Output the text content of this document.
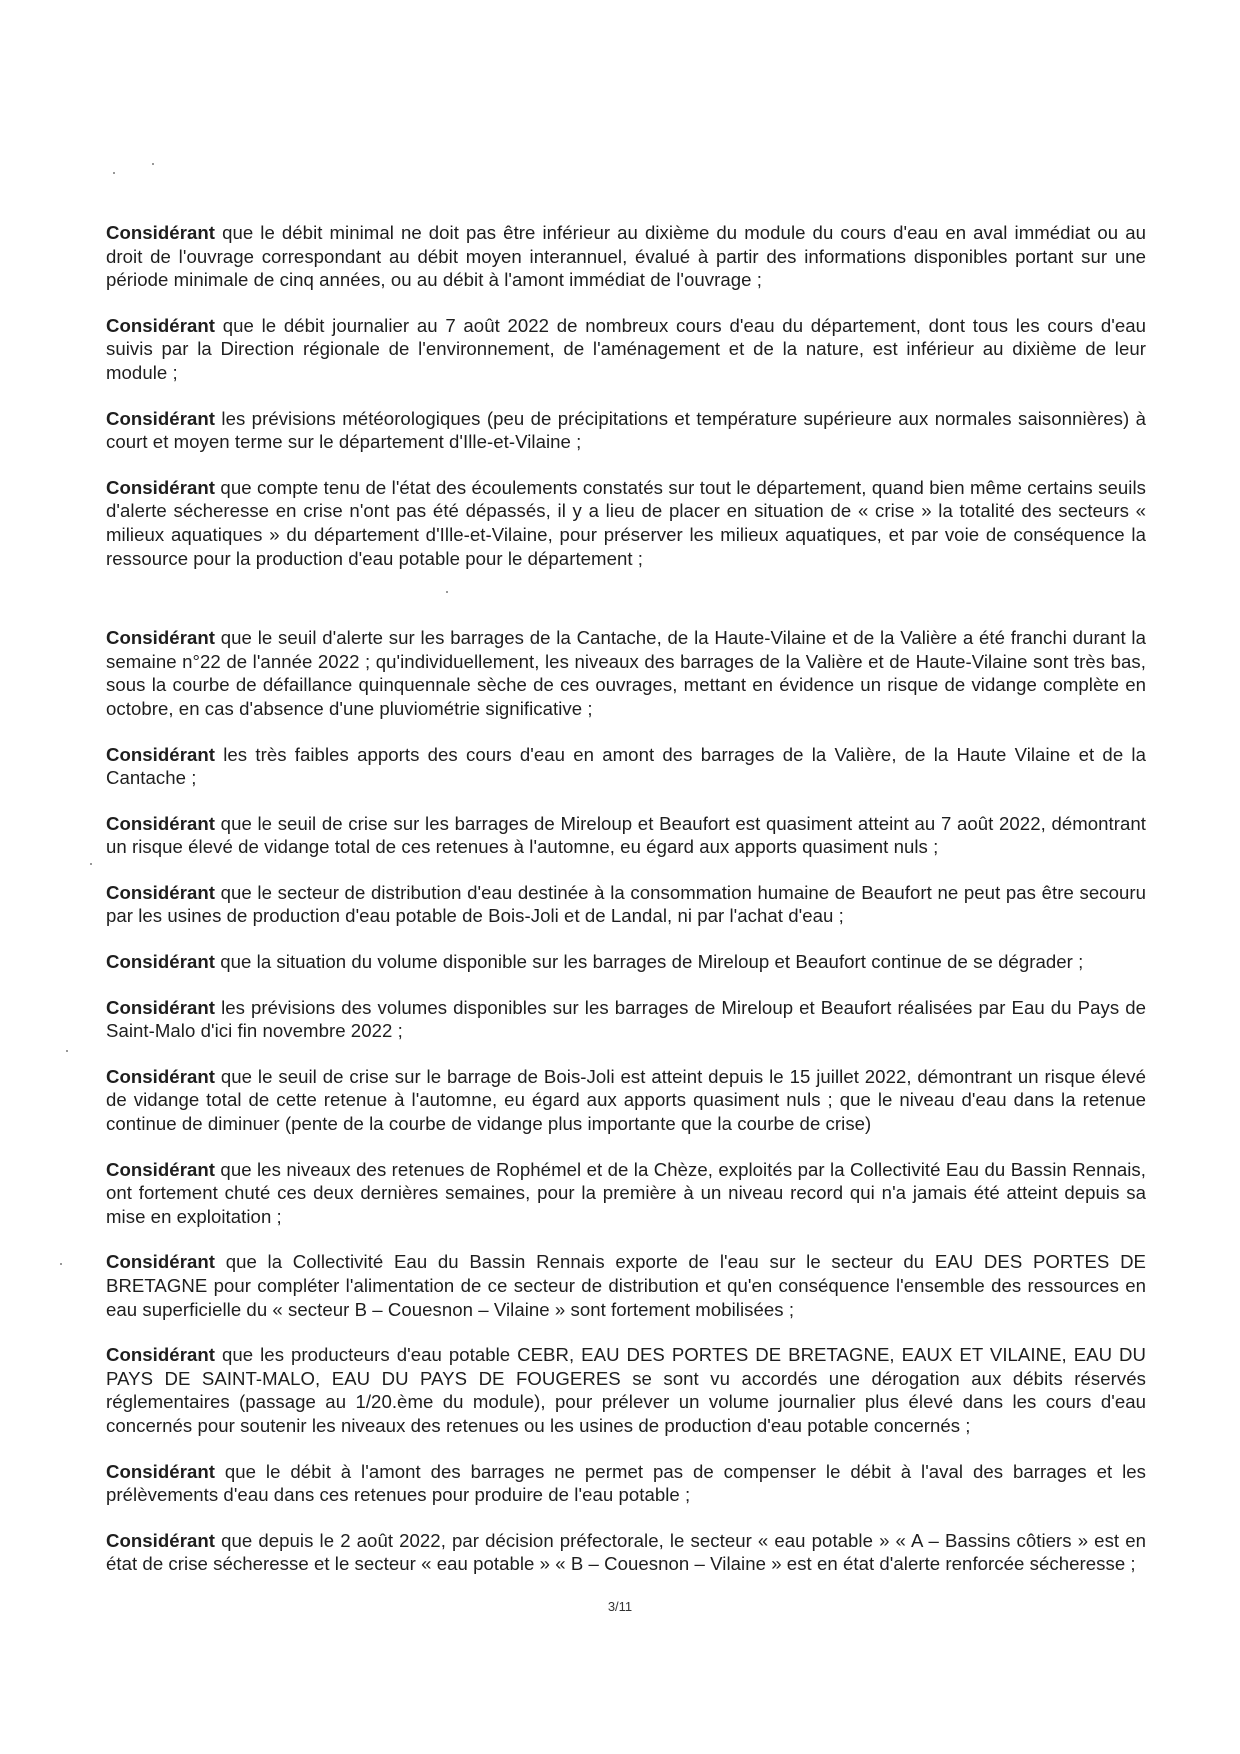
Considérant que le débit minimal ne doit pas être inférieur au dixième du module du cours d'eau en aval immédiat ou au droit de l'ouvrage correspondant au débit moyen interannuel, évalué à partir des informations disponibles portant sur une période minimale de cinq années, ou au débit à l'amont immédiat de l'ouvrage ;

Considérant que le débit journalier au 7 août 2022 de nombreux cours d'eau du département, dont tous les cours d'eau suivis par la Direction régionale de l'environnement, de l'aménagement et de la nature, est inférieur au dixième de leur module ;

Considérant les prévisions météorologiques (peu de précipitations et température supérieure aux normales saisonnières) à court et moyen terme sur le département d'Ille-et-Vilaine ;

Considérant que compte tenu de l'état des écoulements constatés sur tout le département, quand bien même certains seuils d'alerte sécheresse en crise n'ont pas été dépassés, il y a lieu de placer en situation de « crise » la totalité des secteurs « milieux aquatiques » du département d'Ille-et-Vilaine, pour préserver les milieux aquatiques, et par voie de conséquence la ressource pour la production d'eau potable pour le département ;

Considérant que le seuil d'alerte sur les barrages de la Cantache, de la Haute-Vilaine et de la Valière a été franchi durant la semaine n°22 de l'année 2022 ; qu'individuellement, les niveaux des barrages de la Valière et de Haute-Vilaine sont très bas, sous la courbe de défaillance quinquennale sèche de ces ouvrages, mettant en évidence un risque de vidange complète en octobre, en cas d'absence d'une pluviométrie significative ;

Considérant les très faibles apports des cours d'eau en amont des barrages de la Valière, de la Haute Vilaine et de la Cantache ;

Considérant que le seuil de crise sur les barrages de Mireloup et Beaufort est quasiment atteint au 7 août 2022, démontrant un risque élevé de vidange total de ces retenues à l'automne, eu égard aux apports quasiment nuls ;

Considérant que le secteur de distribution d'eau destinée à la consommation humaine de Beaufort ne peut pas être secouru par les usines de production d'eau potable de Bois-Joli et de Landal, ni par l'achat d'eau ;

Considérant que la situation du volume disponible sur les barrages de Mireloup et Beaufort continue de se dégrader ;

Considérant les prévisions des volumes disponibles sur les barrages de Mireloup et Beaufort réalisées par Eau du Pays de Saint-Malo d'ici fin novembre 2022 ;

Considérant que le seuil de crise sur le barrage de Bois-Joli est atteint depuis le 15 juillet 2022, démontrant un risque élevé de vidange total de cette retenue à l'automne, eu égard aux apports quasiment nuls ; que le niveau d'eau dans la retenue continue de diminuer (pente de la courbe de vidange plus importante que la courbe de crise)

Considérant que les niveaux des retenues de Rophémel et de la Chèze, exploités par la Collectivité Eau du Bassin Rennais, ont fortement chuté ces deux dernières semaines, pour la première à un niveau record qui n'a jamais été atteint depuis sa mise en exploitation ;

Considérant que la Collectivité Eau du Bassin Rennais exporte de l'eau sur le secteur du EAU DES PORTES DE BRETAGNE pour compléter l'alimentation de ce secteur de distribution et qu'en conséquence l'ensemble des ressources en eau superficielle du « secteur B – Couesnon – Vilaine » sont fortement mobilisées ;

Considérant que les producteurs d'eau potable CEBR, EAU DES PORTES DE BRETAGNE, EAUX ET VILAINE, EAU DU PAYS DE SAINT-MALO, EAU DU PAYS DE FOUGERES se sont vu accordés une dérogation aux débits réservés réglementaires (passage au 1/20.ème du module), pour prélever un volume journalier plus élevé dans les cours d'eau concernés pour soutenir les niveaux des retenues ou les usines de production d'eau potable concernés ;

Considérant que le débit à l'amont des barrages ne permet pas de compenser le débit à l'aval des barrages et les prélèvements d'eau dans ces retenues pour produire de l'eau potable ;

Considérant que depuis le 2 août 2022, par décision préfectorale, le secteur « eau potable » « A – Bassins côtiers » est en état de crise sécheresse et le secteur « eau potable » « B – Couesnon – Vilaine » est en état d'alerte renforcée sécheresse ;

3/11
